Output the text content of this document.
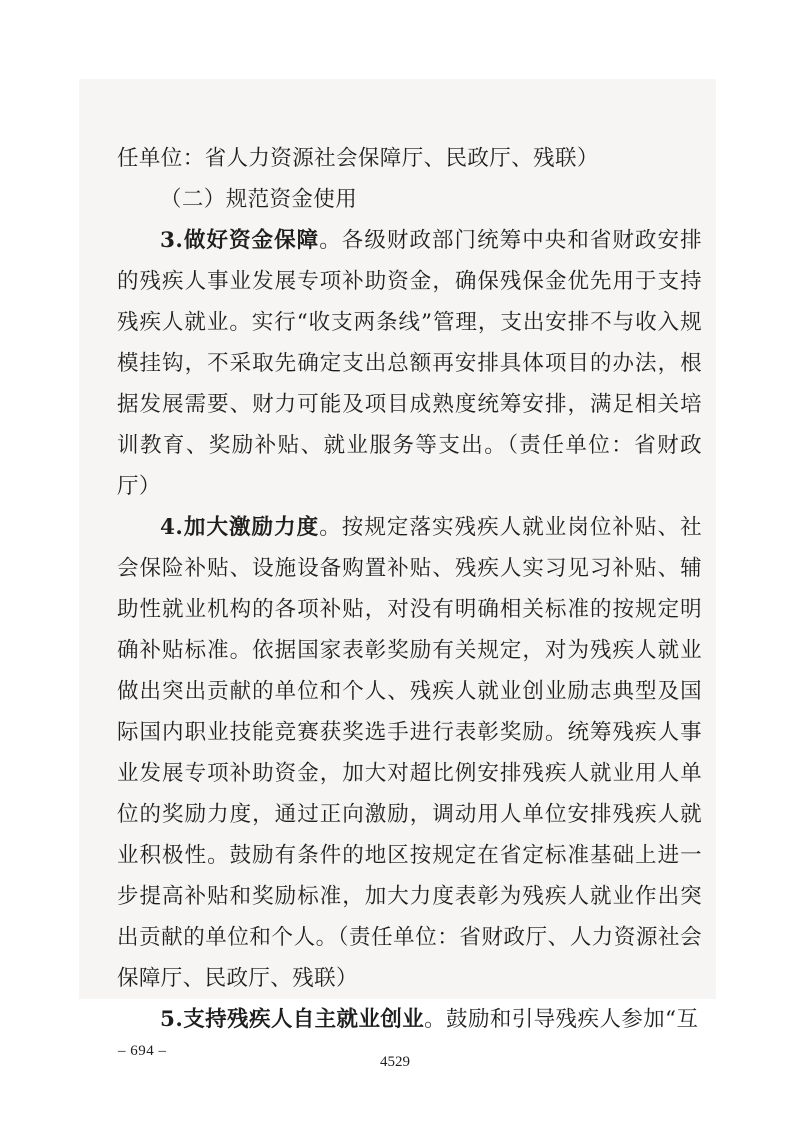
任单位：省人力资源社会保障厅、民政厅、残联）

（二）规范资金使用

3.做好资金保障。各级财政部门统筹中央和省财政安排的残疾人事业发展专项补助资金，确保残保金优先用于支持残疾人就业。实行“收支两条线”管理，支出安排不与收入规模挂钩，不采取先确定支出总额再安排具体项目的办法，根据发展需要、财力可能及项目成熟度统筹安排，满足相关培训教育、奖励补贴、就业服务等支出。（责任单位：省财政厅）

4.加大激励力度。按规定落实残疾人就业岗位补贴、社会保险补贴、设施设备购置补贴、残疾人实习见习补贴、辅助性就业机构的各项补贴，对没有明确相关标准的按规定明确补贴标准。依据国家表彰奖励有关规定，对为残疾人就业做出突出贡献的单位和个人、残疾人就业创业励志典型及国际国内职业技能竞赛获奖选手进行表彰奖励。统筹残疾人事业发展专项补助资金，加大对超比例安排残疾人就业用人单位的奖励力度，通过正向激励，调动用人单位安排残疾人就业积极性。鼓励有条件的地区按规定在省定标准基础上进一步提高补贴和奖励标准，加大力度表彰为残疾人就业作出突出贡献的单位和个人。（责任单位：省财政厅、人力资源社会保障厅、民政厅、残联）

5.支持残疾人自主就业创业。鼓励和引导残疾人参加“互

– 694 –
4529
